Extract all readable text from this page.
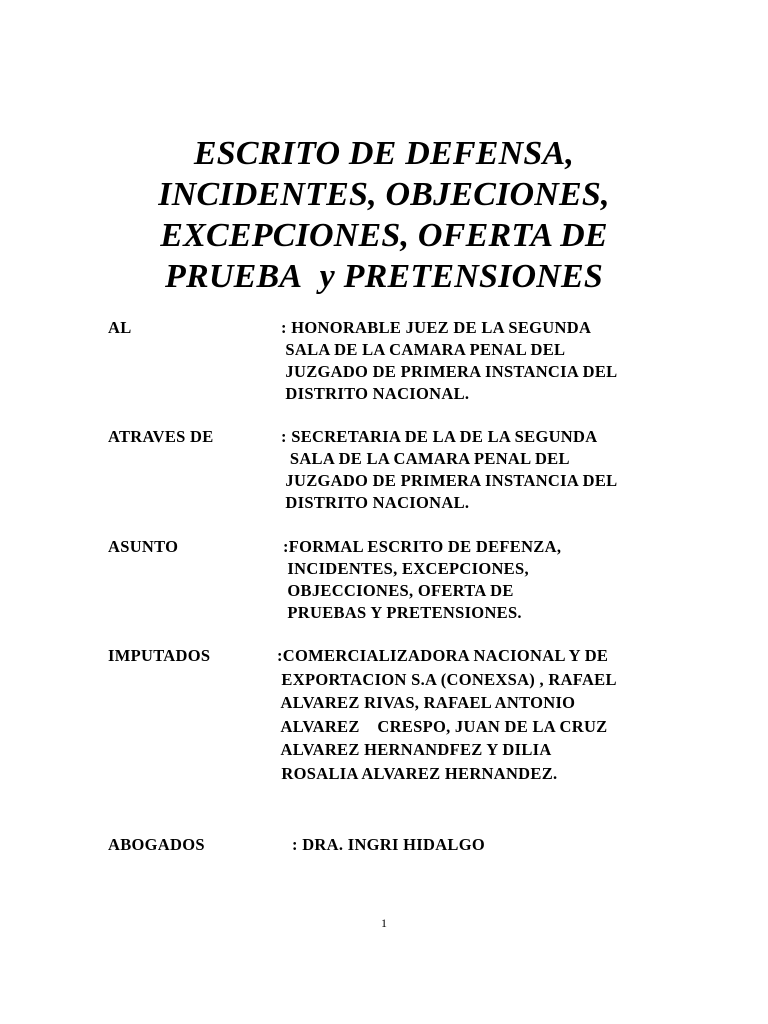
ESCRITO DE DEFENSA,
INCIDENTES, OBJECIONES,
EXCEPCIONES, OFERTA DE
PRUEBA y PRETENSIONES
AL	: HONORABLE JUEZ DE LA SEGUNDA
SALA DE LA CAMARA PENAL DEL
JUZGADO DE PRIMERA INSTANCIA DEL
DISTRITO NACIONAL.
ATRAVES DE	: SECRETARIA DE LA DE LA SEGUNDA
SALA DE LA CAMARA PENAL DEL
JUZGADO DE PRIMERA INSTANCIA DEL
DISTRITO NACIONAL.
ASUNTO	:FORMAL ESCRITO DE DEFENZA,
INCIDENTES, EXCEPCIONES,
OBJECCIONES, OFERTA DE
PRUEBAS Y PRETENSIONES.
IMPUTADOS	:COMERCIALIZADORA NACIONAL Y DE
EXPORTACION S.A (CONEXSA) , RAFAEL
ALVAREZ RIVAS, RAFAEL ANTONIO
ALVAREZ    CRESPO, JUAN DE LA CRUZ
ALVAREZ HERNANDFEZ Y DILIA
ROSALIA ALVAREZ HERNANDEZ.
ABOGADOS	: DRA. INGRI HIDALGO
1
